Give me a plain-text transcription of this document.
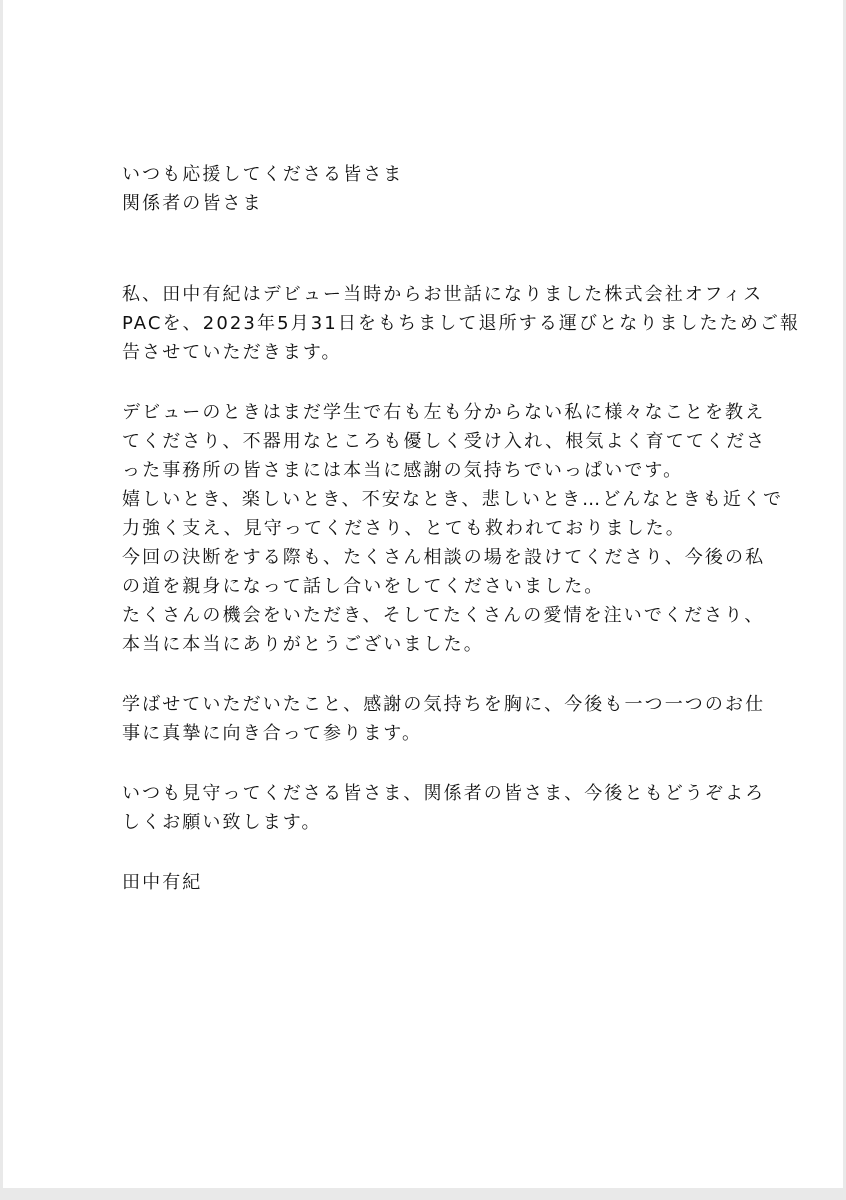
いつも応援してくださる皆さま
関係者の皆さま
私、田中有紀はデビュー当時からお世話になりました株式会社オフィス
PACを、2023年5月31日をもちまして退所する運びとなりましたためご報
告させていただきます。
デビューのときはまだ学生で右も左も分からない私に様々なことを教え
てくださり、不器用なところも優しく受け入れ、根気よく育ててくださ
った事務所の皆さまには本当に感謝の気持ちでいっぱいです。
嬉しいとき、楽しいとき、不安なとき、悲しいとき…どんなときも近くで
力強く支え、見守ってくださり、とても救われておりました。
今回の決断をする際も、たくさん相談の場を設けてくださり、今後の私
の道を親身になって話し合いをしてくださいました。
たくさんの機会をいただき、そしてたくさんの愛情を注いでくださり、
本当に本当にありがとうございました。
学ばせていただいたこと、感謝の気持ちを胸に、今後も一つ一つのお仕
事に真摯に向き合って参ります。
いつも見守ってくださる皆さま、関係者の皆さま、今後ともどうぞよろ
しくお願い致します。
田中有紀
